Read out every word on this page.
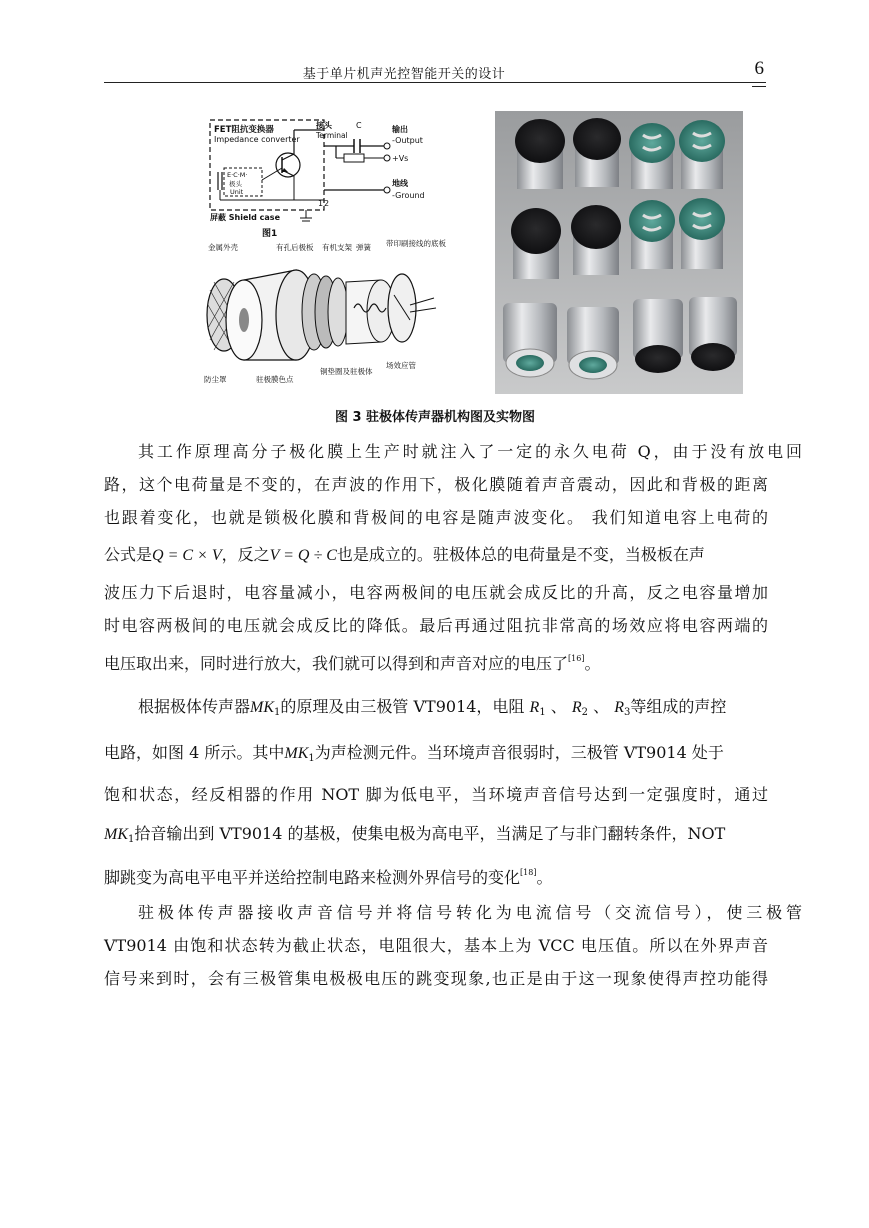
基于单片机声光控智能开关的设计	6
FET阻抗变换器
Impedance converter
E·C·M·
极头
Unit
接头
Terminal
C	输出
-Output
+Vs
地线
-Ground
1 2
屏蔽 Shield case
图1
金属外壳	有孔后极板 有机支架 弹簧 带印刷接线的底板
防尘罩	驻极膜色点
铜垫圈及驻极体
场效应管
图 3 驻极体传声器机构图及实物图
其工作原理高分子极化膜上生产时就注入了一定的永久电荷 Q，由于没有放电回
路，这个电荷量是不变的，在声波的作用下，极化膜随着声音震动，因此和背极的距离
也跟着变化，也就是锁极化膜和背极间的电容是随声波变化。 我们知道电容上电荷的
公式是Q = C × V，反之V = Q ÷ C也是成立的。驻极体总的电荷量是不变，当极板在声
波压力下后退时，电容量减小，电容两极间的电压就会成反比的升高，反之电容量增加
时电容两极间的电压就会成反比的降低。最后再通过阻抗非常高的场效应将电容两端的
电压取出来，同时进行放大，我们就可以得到和声音对应的电压了[16]。
根据极体传声器$MK_1$的原理及由三极管 VT9014，电阻 $R_1$ 、 $R_2$ 、 $R_3$等组成的声控
电路，如图 4 所示。其中$MK_1$为声检测元件。当环境声音很弱时，三极管 VT9014 处于
饱和状态，经反相器的作用 NOT 脚为低电平，当环境声音信号达到一定强度时，通过
$MK_1$拾音输出到 VT9014 的基极，使集电极为高电平，当满足了与非门翻转条件，NOT
脚跳变为高电平电平并送给控制电路来检测外界信号的变化[18]。
驻极体传声器接收声音信号并将信号转化为电流信号（交流信号），使三极管
VT9014 由饱和状态转为截止状态，电阻很大，基本上为 VCC 电压值。所以在外界声音
信号来到时，会有三极管集电极极电压的跳变现象,也正是由于这一现象使得声控功能得
